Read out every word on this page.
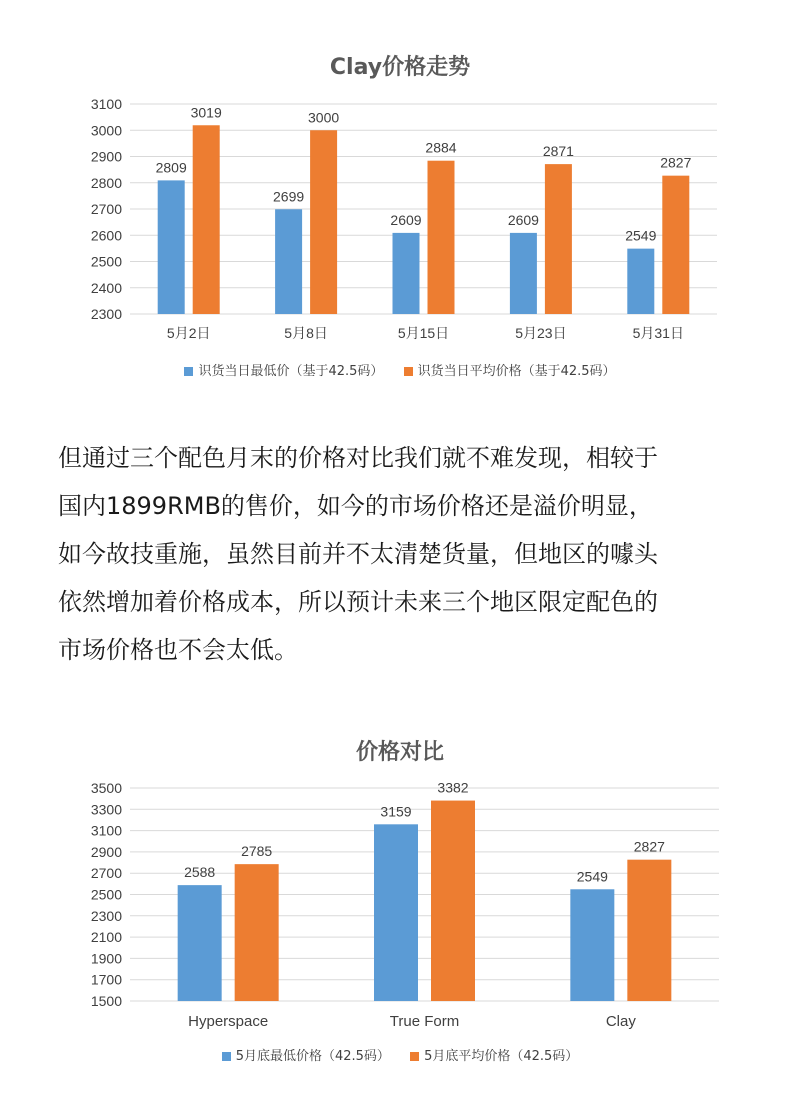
Clay价格走势
2300
2400
2500
2600
2700
2800
2900
3000
3100
2809
3019
5月2日
2699
3000
5月8日
2609
2884
5月15日
2609
2871
5月23日
2549
2827
5月31日
识货当日最低价（基于42.5码）	识货当日平均价格（基于42.5码）
但通过三个配色月末的价格对比我们就不难发现，相较于
国内1899RMB的售价，如今的市场价格还是溢价明显，
如今故技重施，虽然目前并不太清楚货量，但地区的噱头
依然增加着价格成本，所以预计未来三个地区限定配色的
市场价格也不会太低。
价格对比
1500
1700
1900
2100
2300
2500
2700
2900
3100
3300
3500
2588
2785
Hyperspace
3159
3382
True Form
2549
2827
Clay
5月底最低价格（42.5码）	5月底平均价格（42.5码）
